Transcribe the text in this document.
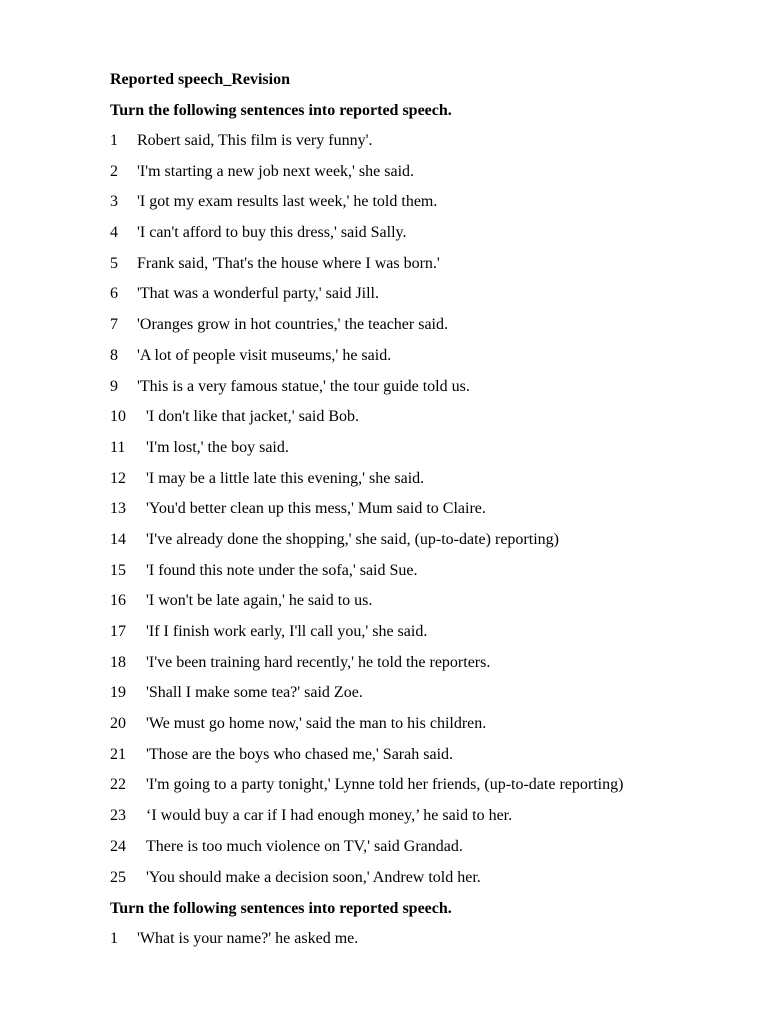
Reported speech_Revision
Turn the following sentences into reported speech.
1	Robert said, This film is very funny'.
2	'I'm starting a new job next week,' she said.
3	'I got my exam results last week,' he told them.
4	'I can't afford to buy this dress,' said Sally.
5	Frank said, 'That's the house where I was born.'
6	'That was a wonderful party,' said Jill.
7	'Oranges grow in hot countries,' the teacher said.
8	'A lot of people visit museums,' he said.
9	'This is a very famous statue,' the tour guide told us.
10	'I don't like that jacket,' said Bob.
11	'I'm lost,' the boy said.
12	'I may be a little late this evening,' she said.
13	'You'd better clean up this mess,' Mum said to Claire.
14	'I've already done the shopping,' she said, (up-to-date) reporting)
15	'I found this note under the sofa,' said Sue.
16	'I won't be late again,' he said to us.
17	'If I finish work early, I'll call you,' she said.
18	'I've been training hard recently,' he told the reporters.
19	'Shall I make some tea?' said Zoe.
20	'We must go home now,' said the man to his children.
21	'Those are the boys who chased me,' Sarah said.
22	'I'm going to a party tonight,' Lynne told her friends, (up-to-date reporting)
23	‘I would buy a car if I had enough money,’ he said to her.
24	There is too much violence on TV,' said Grandad.
25	'You should make a decision soon,' Andrew told her.
Turn the following sentences into reported speech.
1	'What is your name?' he asked me.
